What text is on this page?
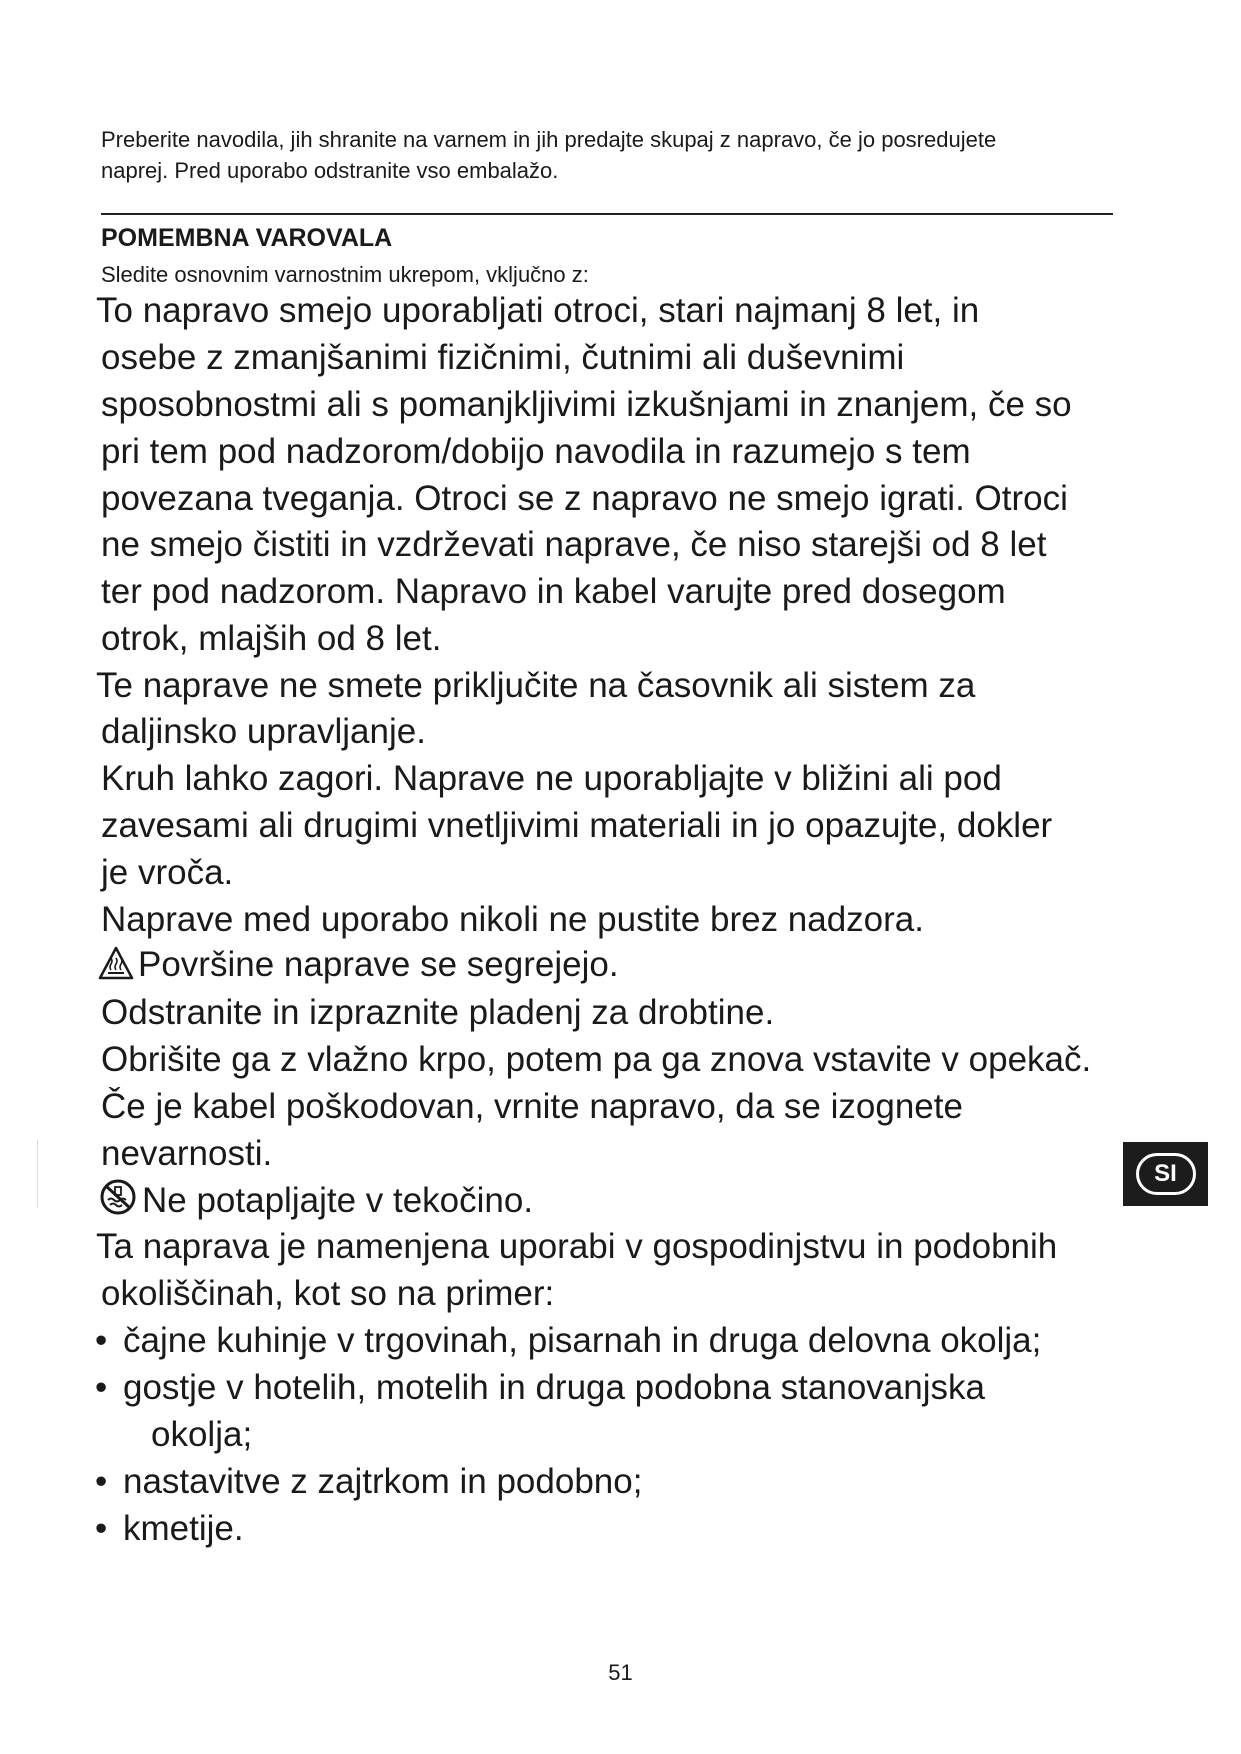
Preberite navodila, jih shranite na varnem in jih predajte skupaj z napravo, če jo posredujete
naprej. Pred uporabo odstranite vso embalažo.
POMEMBNA VAROVALA
Sledite osnovnim varnostnim ukrepom, vključno z:
To napravo smejo uporabljati otroci, stari najmanj 8 let, in
osebe z zmanjšanimi fizičnimi, čutnimi ali duševnimi
sposobnostmi ali s pomanjkljivimi izkušnjami in znanjem, če so
pri tem pod nadzorom/dobijo navodila in razumejo s tem
povezana tveganja. Otroci se z napravo ne smejo igrati. Otroci
ne smejo čistiti in vzdrževati naprave, če niso starejši od 8 let
ter pod nadzorom. Napravo in kabel varujte pred dosegom
otrok, mlajših od 8 let.
Te naprave ne smete priključite na časovnik ali sistem za
daljinsko upravljanje.
Kruh lahko zagori. Naprave ne uporabljajte v bližini ali pod
zavesami ali drugimi vnetljivimi materiali in jo opazujte, dokler
je vroča.
Naprave med uporabo nikoli ne pustite brez nadzora.
Površine naprave se segrejejo.
Odstranite in izpraznite pladenj za drobtine.
Obrišite ga z vlažno krpo, potem pa ga znova vstavite v opekač.
Če je kabel poškodovan, vrnite napravo, da se izognete
nevarnosti.
Ne potapljajte v tekočino.
Ta naprava je namenjena uporabi v gospodinjstvu in podobnih
okoliščinah, kot so na primer:
• čajne kuhinje v trgovinah, pisarnah in druga delovna okolja;
• gostje v hotelih, motelih in druga podobna stanovanjska
okolja;
• nastavitve z zajtrkom in podobno;
• kmetije.
SI
51
